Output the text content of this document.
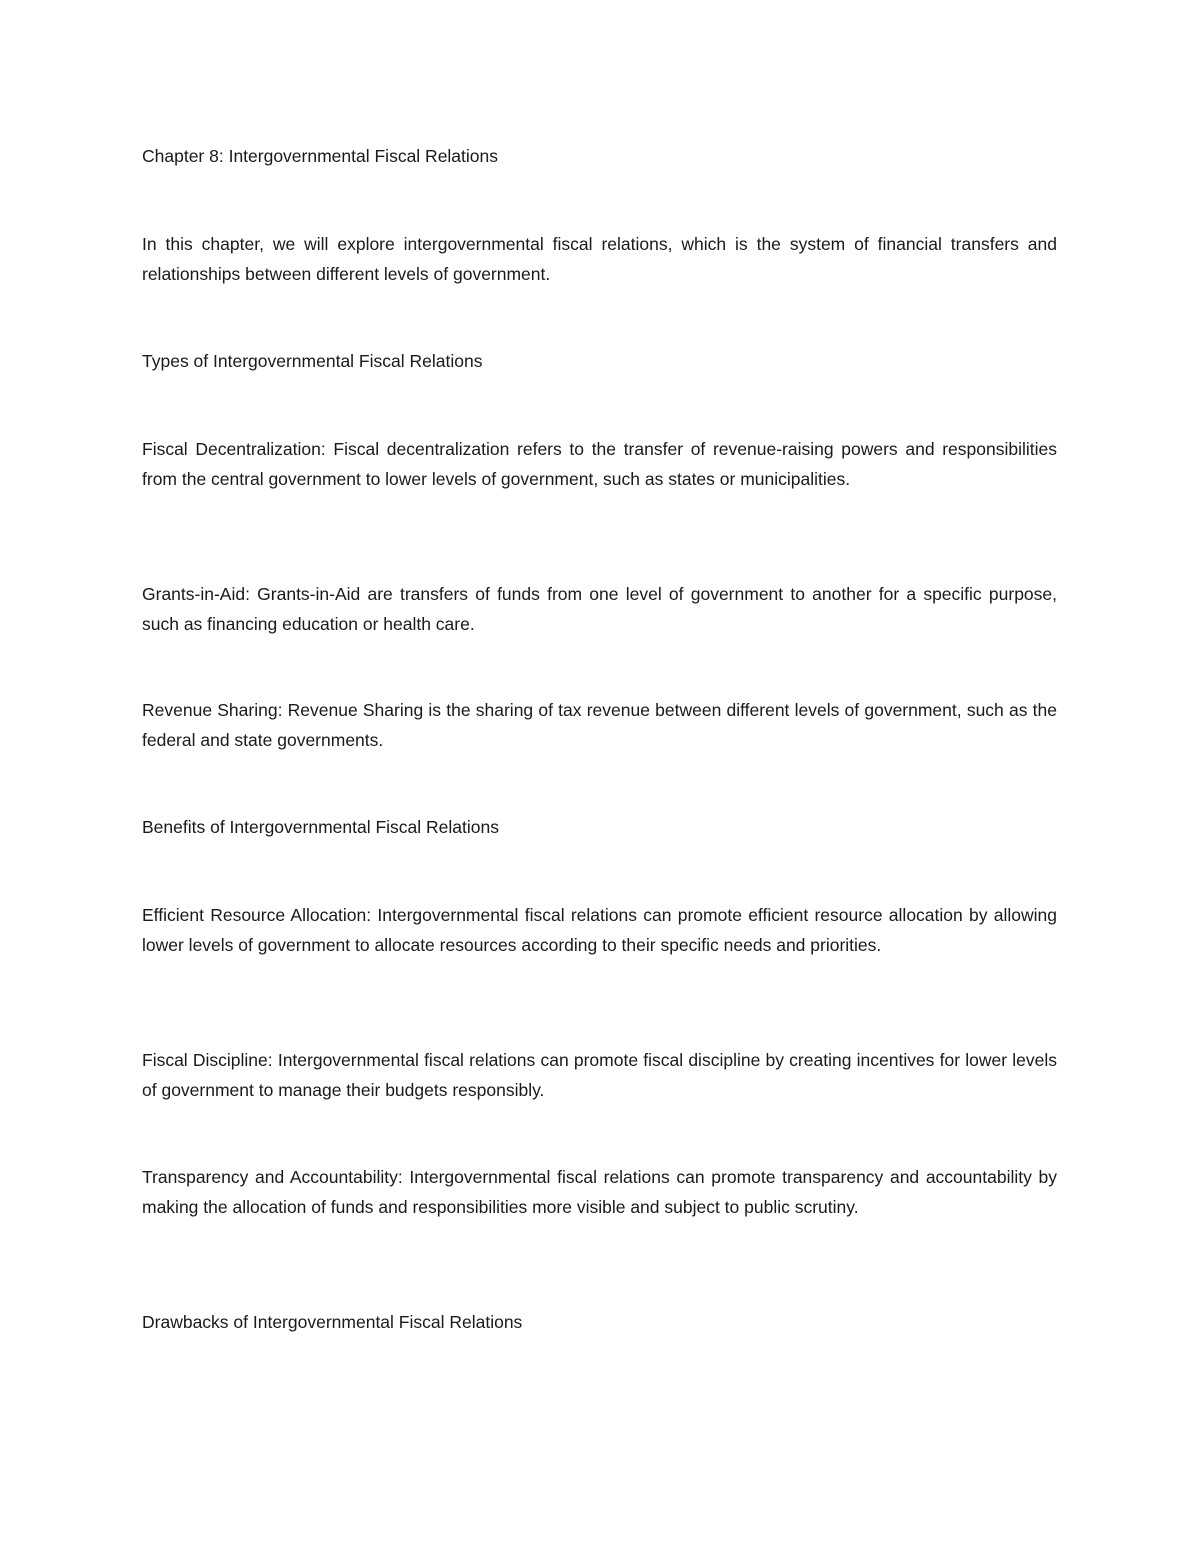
Chapter 8: Intergovernmental Fiscal Relations

In this chapter, we will explore intergovernmental fiscal relations, which is the system of financial transfers and relationships between different levels of government.

Types of Intergovernmental Fiscal Relations

Fiscal Decentralization: Fiscal decentralization refers to the transfer of revenue-raising powers and responsibilities from the central government to lower levels of government, such as states or municipalities.

Grants-in-Aid: Grants-in-Aid are transfers of funds from one level of government to another for a specific purpose, such as financing education or health care.

Revenue Sharing: Revenue Sharing is the sharing of tax revenue between different levels of government, such as the federal and state governments.

Benefits of Intergovernmental Fiscal Relations

Efficient Resource Allocation: Intergovernmental fiscal relations can promote efficient resource allocation by allowing lower levels of government to allocate resources according to their specific needs and priorities.

Fiscal Discipline: Intergovernmental fiscal relations can promote fiscal discipline by creating incentives for lower levels of government to manage their budgets responsibly.

Transparency and Accountability: Intergovernmental fiscal relations can promote transparency and accountability by making the allocation of funds and responsibilities more visible and subject to public scrutiny.

Drawbacks of Intergovernmental Fiscal Relations
